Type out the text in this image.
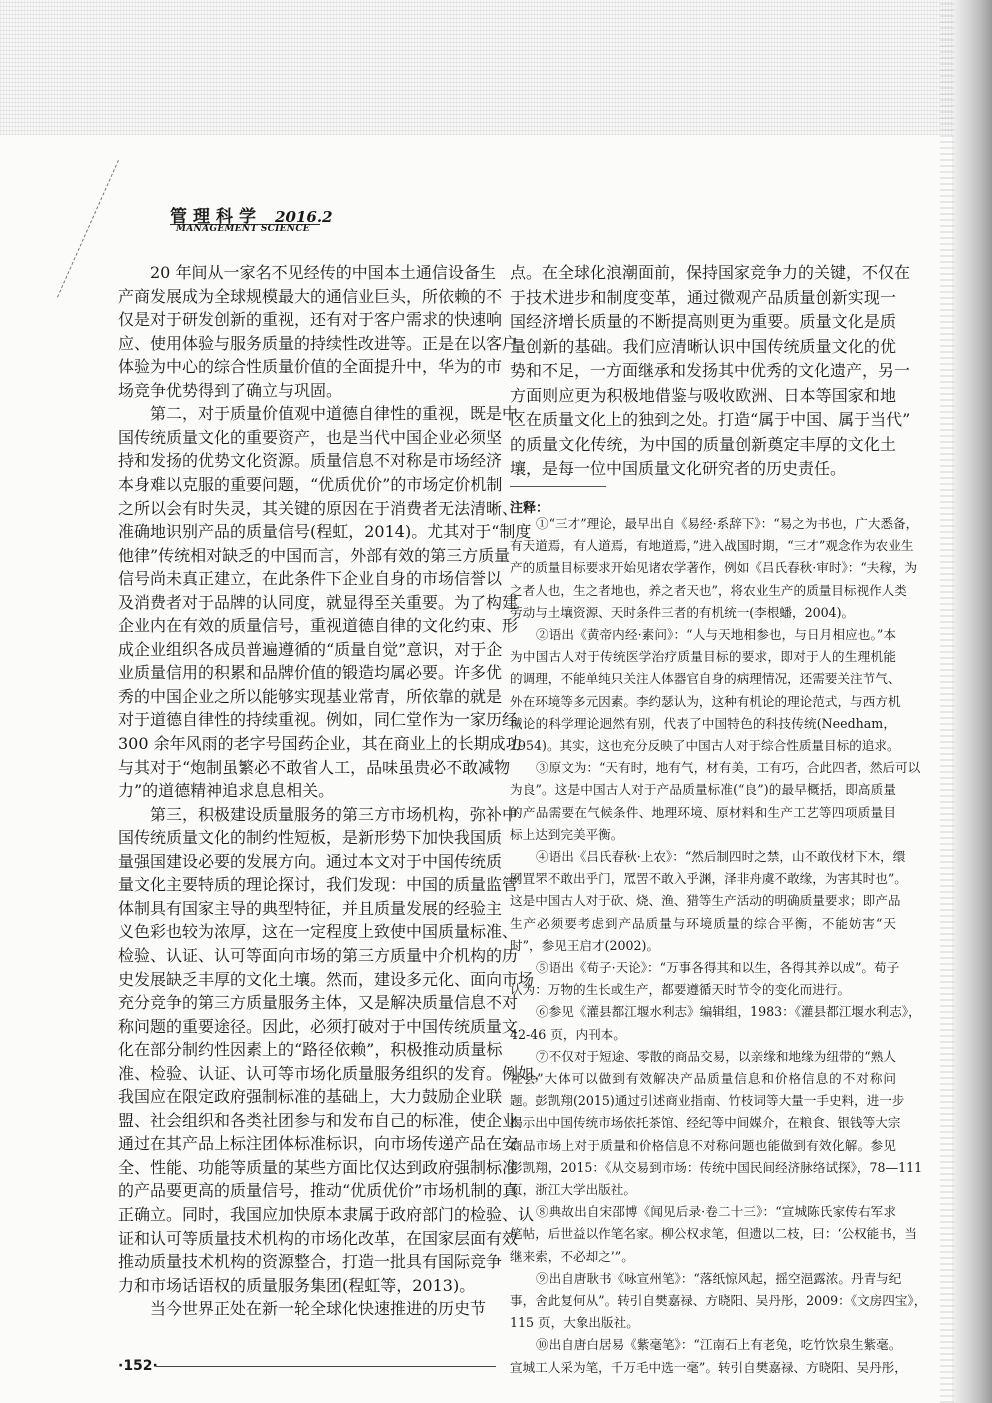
管理科学 2016.2
MANAGEMENT SCIENCE
20 年间从一家名不见经传的中国本土通信设备生
产商发展成为全球规模最大的通信业巨头，所依赖的不
仅是对于研发创新的重视，还有对于客户需求的快速响
应、使用体验与服务质量的持续性改进等。正是在以客户
体验为中心的综合性质量价值的全面提升中，华为的市
场竞争优势得到了确立与巩固。
第二，对于质量价值观中道德自律性的重视，既是中
国传统质量文化的重要资产，也是当代中国企业必须坚
持和发扬的优势文化资源。质量信息不对称是市场经济
本身难以克服的重要问题，“优质优价”的市场定价机制
之所以会有时失灵，其关键的原因在于消费者无法清晰、
准确地识别产品的质量信号(程虹，2014)。尤其对于“制度
他律”传统相对缺乏的中国而言，外部有效的第三方质量
信号尚未真正建立，在此条件下企业自身的市场信誉以
及消费者对于品牌的认同度，就显得至关重要。为了构建
企业内在有效的质量信号，重视道德自律的文化约束、形
成企业组织各成员普遍遵循的“质量自觉”意识，对于企
业质量信用的积累和品牌价值的锻造均属必要。许多优
秀的中国企业之所以能够实现基业常青，所依靠的就是
对于道德自律性的持续重视。例如，同仁堂作为一家历经
300 余年风雨的老字号国药企业，其在商业上的长期成功
与其对于“炮制虽繁必不敢省人工，品味虽贵必不敢减物
力”的道德精神追求息息相关。
第三，积极建设质量服务的第三方市场机构，弥补中
国传统质量文化的制约性短板，是新形势下加快我国质
量强国建设必要的发展方向。通过本文对于中国传统质
量文化主要特质的理论探讨，我们发现：中国的质量监管
体制具有国家主导的典型特征，并且质量发展的经验主
义色彩也较为浓厚，这在一定程度上致使中国质量标准、
检验、认证、认可等面向市场的第三方质量中介机构的历
史发展缺乏丰厚的文化土壤。然而，建设多元化、面向市场
充分竞争的第三方质量服务主体，又是解决质量信息不对
称问题的重要途径。因此，必须打破对于中国传统质量文
化在部分制约性因素上的“路径依赖”，积极推动质量标
准、检验、认证、认可等市场化质量服务组织的发育。例如，
我国应在限定政府强制标准的基础上，大力鼓励企业联
盟、社会组织和各类社团参与和发布自己的标准，使企业
通过在其产品上标注团体标准标识，向市场传递产品在安
全、性能、功能等质量的某些方面比仅达到政府强制标准
的产品要更高的质量信号，推动“优质优价”市场机制的真
正确立。同时，我国应加快原本隶属于政府部门的检验、认
证和认可等质量技术机构的市场化改革，在国家层面有效
推动质量技术机构的资源整合，打造一批具有国际竞争
力和市场话语权的质量服务集团(程虹等，2013)。
当今世界正处在新一轮全球化快速推进的历史节
点。在全球化浪潮面前，保持国家竞争力的关键，不仅在
于技术进步和制度变革，通过微观产品质量创新实现一
国经济增长质量的不断提高则更为重要。质量文化是质
量创新的基础。我们应清晰认识中国传统质量文化的优
势和不足，一方面继承和发扬其中优秀的文化遗产，另一
方面则应更为积极地借鉴与吸收欧洲、日本等国家和地
区在质量文化上的独到之处。打造“属于中国、属于当代”
的质量文化传统，为中国的质量创新奠定丰厚的文化土
壤，是每一位中国质量文化研究者的历史责任。
注释：
①“三才”理论，最早出自《易经·系辞下》：“易之为书也，广大悉备，
有天道焉，有人道焉，有地道焉，”进入战国时期，“三才”观念作为农业生
产的质量目标要求开始见诸农学著作，例如《吕氏春秋·审时》：“夫稼，为
之者人也，生之者地也，养之者天也”，将农业生产的质量目标视作人类
劳动与土壤资源、天时条件三者的有机统一(李根蟠，2004)。
②语出《黄帝内经·素问》：“人与天地相参也，与日月相应也。”本
为中国古人对于传统医学治疗质量目标的要求，即对于人的生理机能
的调理，不能单纯只关注人体器官自身的病理情况，还需要关注节气、
外在环境等多元因素。李约瑟认为，这种有机论的理论范式，与西方机
械论的科学理论迥然有别，代表了中国特色的科技传统(Needham，
1954)。其实，这也充分反映了中国古人对于综合性质量目标的追求。
③原文为：“天有时，地有气，材有美，工有巧，合此四者，然后可以
为良”。这是中国古人对于产品质量标准(“良”)的最早概括，即高质量
的产品需要在气候条件、地理环境、原材料和生产工艺等四项质量目
标上达到完美平衡。
④语出《吕氏春秋·上农》：“然后制四时之禁，山不敢伐材下木，缳
网罝罘不敢出乎门，罛罟不敢入乎渊，泽非舟虞不敢缘，为害其时也”。
这是中国古人对于砍、烧、渔、猎等生产活动的明确质量要求；即产品
生产必须要考虑到产品质量与环境质量的综合平衡，不能妨害“天
时”，参见王启才(2002)。
⑤语出《荀子·天论》：“万事各得其和以生，各得其养以成”。荀子
认为：万物的生长或生产，都要遵循天时节令的变化而进行。
⑥参见《灌县都江堰水利志》编辑组，1983：《灌县都江堰水利志》，
42-46 页，内刊本。
⑦不仅对于短途、零散的商品交易，以亲缘和地缘为纽带的“熟人
社会”大体可以做到有效解决产品质量信息和价格信息的不对称问
题。彭凯翔(2015)通过引述商业指南、竹枝词等大量一手史料，进一步
揭示出中国传统市场依托茶馆、经纪等中间媒介，在粮食、银钱等大宗
商品市场上对于质量和价格信息不对称问题也能做到有效化解。参见
彭凯翔，2015：《从交易到市场：传统中国民间经济脉络试探》，78—111
页，浙江大学出版社。
⑧典故出自宋邵博《闻见后录·卷二十三》：“宣城陈氏家传右军求
笔帖，后世益以作笔名家。柳公权求笔，但遗以二枝，曰：‘公权能书，当
继来索，不必却之’”。
⑨出自唐耿书《咏宣州笔》：“落纸惊风起，摇空浥露浓。丹青与纪
事，舍此复何从”。转引自樊嘉禄、方晓阳、吴丹彤，2009：《文房四宝》，
115 页，大象出版社。
⑩出自唐白居易《紫毫笔》：“江南石上有老兔，吃竹饮泉生紫毫。
宣城工人采为笔，千万毛中选一毫”。转引自樊嘉禄、方晓阳、吴丹彤，
·152·
